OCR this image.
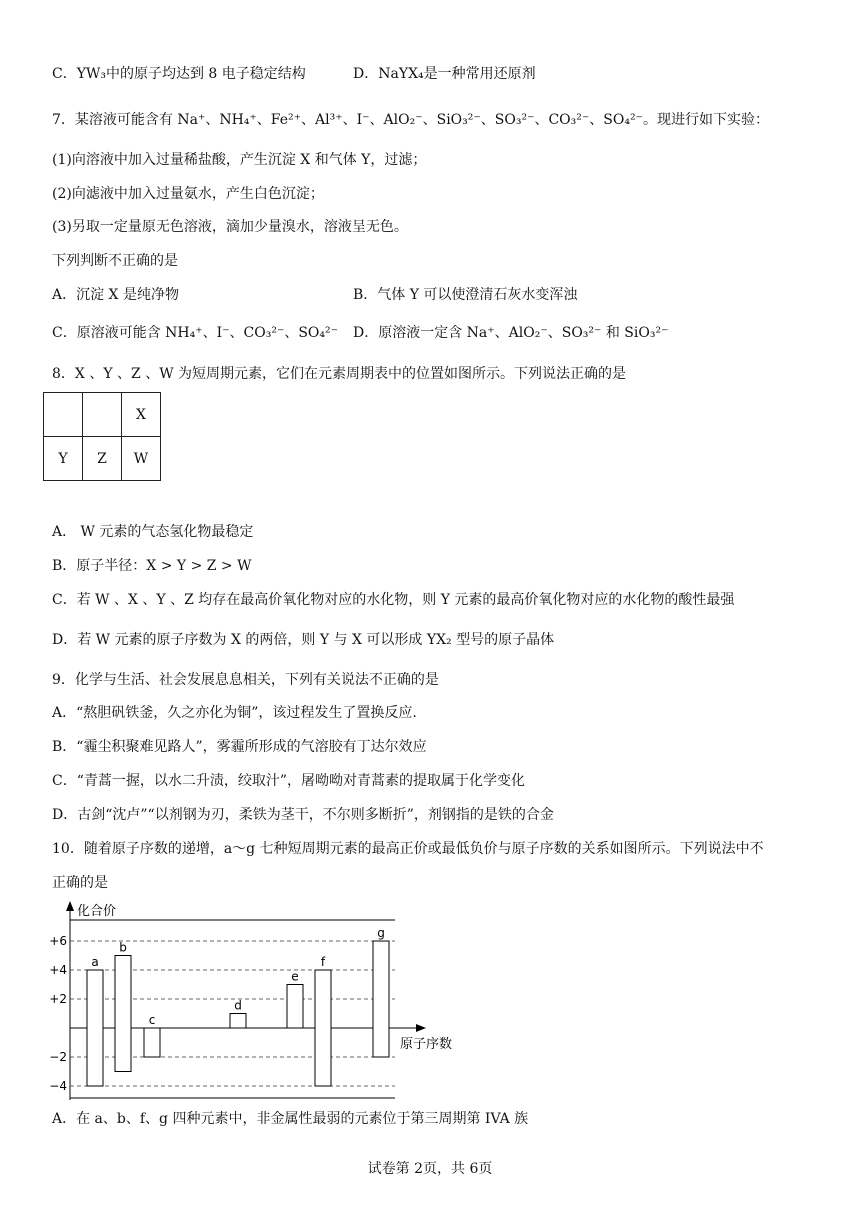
C．YW₃中的原子均达到 8 电子稳定结构	D．NaYX₄是一种常用还原剂
7．某溶液可能含有 Na⁺、NH₄⁺、Fe²⁺、Al³⁺、I⁻、AlO₂⁻、SiO₃²⁻、SO₃²⁻、CO₃²⁻、SO₄²⁻。现进行如下实验：
(1)向溶液中加入过量稀盐酸，产生沉淀 X 和气体 Y，过滤；
(2)向滤液中加入过量氨水，产生白色沉淀；
(3)另取一定量原无色溶液，滴加少量溴水，溶液呈无色。
下列判断不正确的是
A．沉淀 X 是纯净物	B．气体 Y 可以使澄清石灰水变浑浊
C．原溶液可能含 NH₄⁺、I⁻、CO₃²⁻、SO₄²⁻ D．原溶液一定含 Na⁺、AlO₂⁻、SO₃²⁻ 和 SiO₃²⁻
8．X 、Y 、Z 、W 为短周期元素，它们在元素周期表中的位置如图所示。下列说法正确的是
		X
Y	Z	W
A． W 元素的气态氢化物最稳定
B．原子半径：X > Y > Z > W
C．若 W 、X 、Y 、Z 均存在最高价氧化物对应的水化物，则 Y 元素的最高价氧化物对应的水化物的酸性最强
D．若 W 元素的原子序数为 X 的两倍，则 Y 与 X 可以形成 YX₂ 型号的原子晶体
9．化学与生活、社会发展息息相关，下列有关说法不正确的是
A．“熬胆矾铁釜，久之亦化为铜”，该过程发生了置换反应.
B．“霾尘积聚难见路人”，雾霾所形成的气溶胶有丁达尔效应
C．“青蒿一握，以水二升渍，绞取汁”，屠呦呦对青蒿素的提取属于化学变化
D．古剑“沈卢”“以剂钢为刃，柔铁为茎干，不尔则多断折”，剂钢指的是铁的合金
10．随着原子序数的递增，a～g 七种短周期元素的最高正价或最低负价与原子序数的关系如图所示。下列说法中不
正确的是
化合价
原子序数
+6
+4
+2
−2
−4
a
b
c
d
e
f
g
A．在 a、b、f、g 四种元素中，非金属性最弱的元素位于第三周期第 IVA 族
试卷第 2页，共 6页
